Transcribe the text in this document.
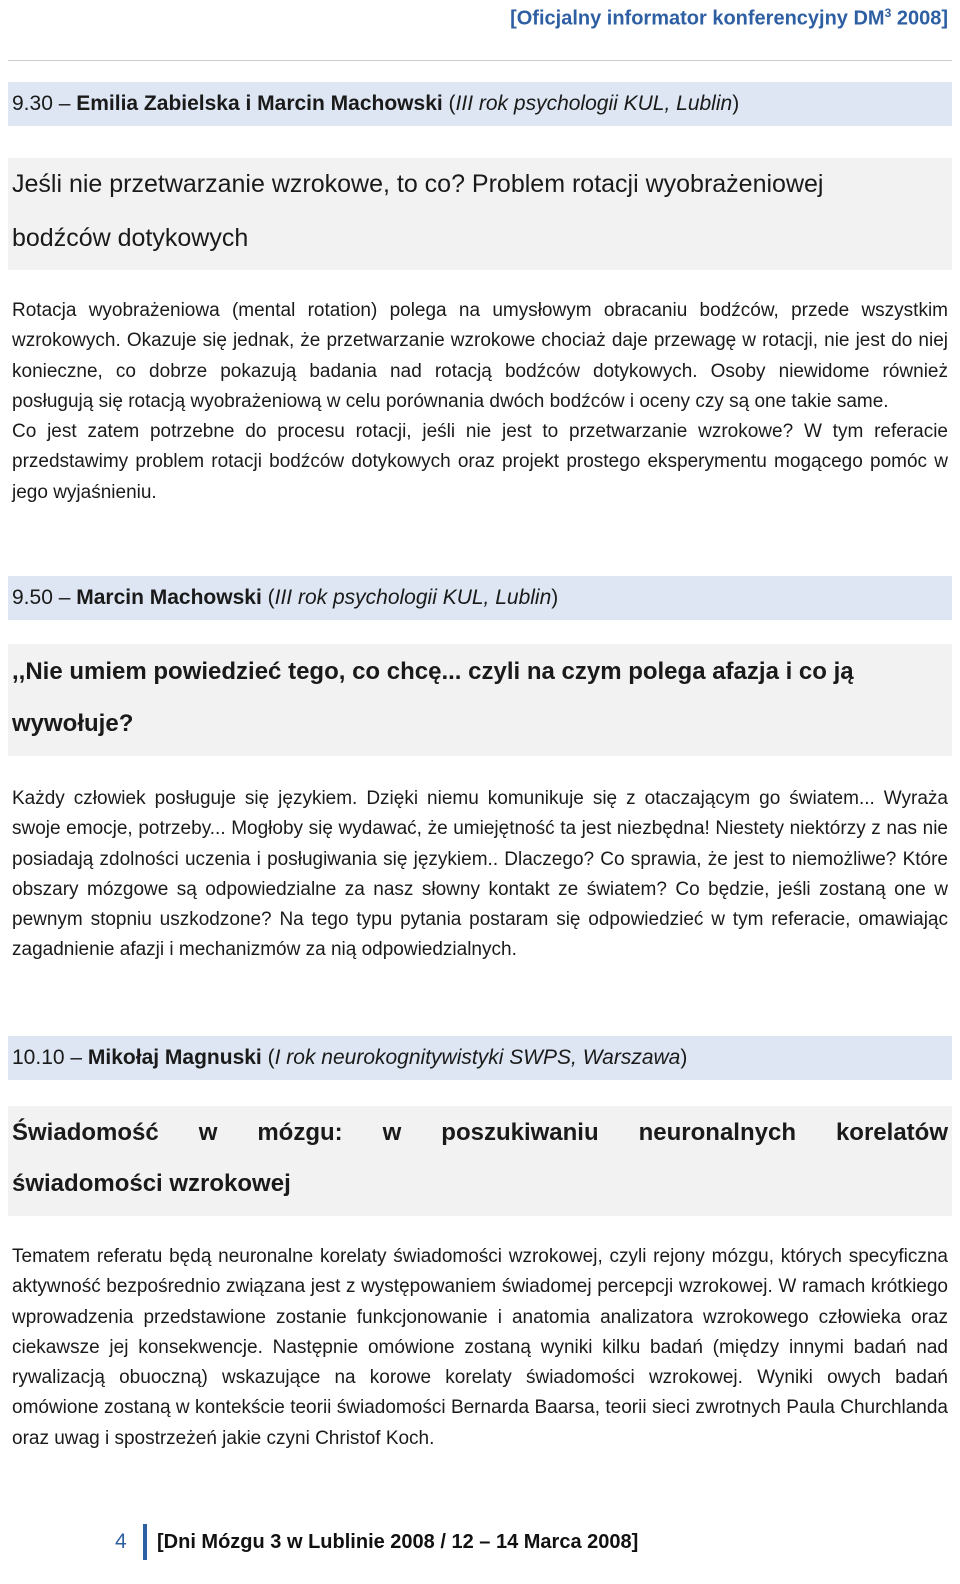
[Oficjalny informator konferencyjny $DM^3$ 2008]
9.30 – Emilia Zabielska i Marcin Machowski (III rok psychologii KUL, Lublin)
Jeśli nie przetwarzanie wzrokowe, to co? Problem rotacji wyobrażeniowej
bodźców dotykowych

Rotacja wyobrażeniowa (mental rotation) polega na umysłowym obracaniu bodźców, przede wszystkim wzrokowych. Okazuje się jednak, że przetwarzanie wzrokowe chociaż daje przewagę w rotacji, nie jest do niej konieczne, co dobrze pokazują badania nad rotacją bodźców dotykowych. Osoby niewidome również posługują się rotacją wyobrażeniową w celu porównania dwóch bodźców i oceny czy są one takie same.

Co jest zatem potrzebne do procesu rotacji, jeśli nie jest to przetwarzanie wzrokowe? W tym referacie przedstawimy problem rotacji bodźców dotykowych oraz projekt prostego eksperymentu mogącego pomóc w jego wyjaśnieniu.

9.50 – Marcin Machowski (III rok psychologii KUL, Lublin)
,,Nie umiem powiedzieć tego, co chcę... czyli na czym polega afazja i co ją
wywołuje?

Każdy człowiek posługuje się językiem. Dzięki niemu komunikuje się z otaczającym go światem... Wyraża swoje emocje, potrzeby... Mogłoby się wydawać, że umiejętność ta jest niezbędna! Niestety niektórzy z nas nie posiadają zdolności uczenia i posługiwania się językiem.. Dlaczego? Co sprawia, że jest to niemożliwe? Które obszary mózgowe są odpowiedzialne za nasz słowny kontakt ze światem? Co będzie, jeśli zostaną one w pewnym stopniu uszkodzone? Na tego typu pytania postaram się odpowiedzieć w tym referacie, omawiając zagadnienie afazji i mechanizmów za nią odpowiedzialnych.

10.10 – Mikołaj Magnuski (I rok neurokognitywistyki SWPS, Warszawa)
Świadomość w mózgu: w poszukiwaniu neuronalnych korelatów
świadomości wzrokowej

Tematem referatu będą neuronalne korelaty świadomości wzrokowej, czyli rejony mózgu, których specyficzna aktywność bezpośrednio związana jest z występowaniem świadomej percepcji wzrokowej. W ramach krótkiego wprowadzenia przedstawione zostanie funkcjonowanie i anatomia analizatora wzrokowego człowieka oraz ciekawsze jej konsekwencje. Następnie omówione zostaną wyniki kilku badań (między innymi badań nad rywalizacją obuoczną) wskazujące na korowe korelaty świadomości wzrokowej. Wyniki owych badań omówione zostaną w kontekście teorii świadomości Bernarda Baarsa, teorii sieci zwrotnych Paula Churchlanda oraz uwag i spostrzeżeń jakie czyni Christof Koch.

4	[Dni Mózgu 3 w Lublinie 2008 / 12 – 14 Marca 2008]
